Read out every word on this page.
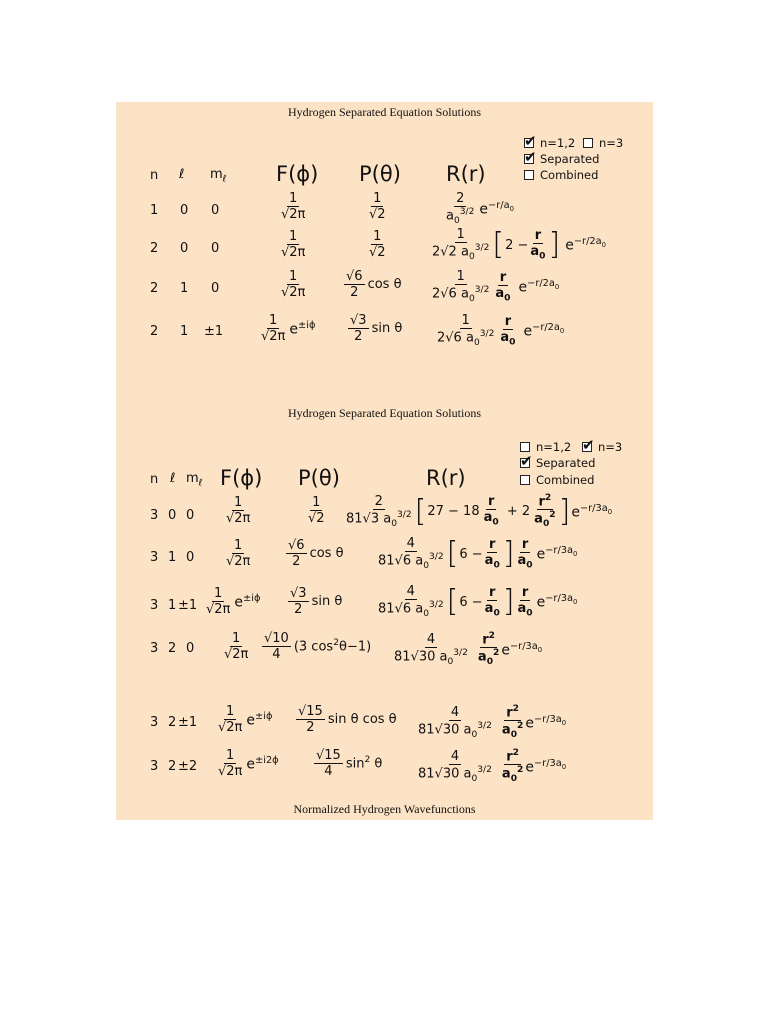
Hydrogen Separated Equation Solutions
✔
n=1,2 n=3
✔
Separated
Combined
n ℓ $m_\ell$ F(ϕ) P(θ) R(r)
1 0 0	$\frac{1}{√2\pi}$	$\frac{1}{√2}$	$\frac{2}{a_0^{3/2}} e^{-r/a_0}$
2 0 0	$\frac{1}{√2\pi}$	$\frac{1}{√2}$	$\frac{1}{2√2 a_0^{3/2}}$ [ $2 - \frac{r}{a_0}$ ] $e^{-r/2a_0}$
2 1 0	$\frac{1}{√2\pi}$	$\frac{√6}{2}$ cos θ $\frac{1}{2√6 a_0^{3/2}} \frac{r}{a_0} e^{-r/2a_0}$
2 1 ±1	$\frac{1}{√2\pi} e^{\pm i\phi}$	$\frac{√3}{2}$ sin θ	$\frac{1}{2√6 a_0^{3/2}} \frac{r}{a_0} e^{-r/2a_0}$
Hydrogen Separated Equation Solutions
n=1,2
✔ n=3
✔
Separated
Combined
n ℓ $m_\ell$ F(ϕ) P(θ)	R(r)
3 0 $0 \frac{1}{√2\pi}$	$\frac{1}{√2} \frac{2}{81√3 a_0^{3/2}}$ [ $27 - 18 \frac{r}{a_0} + 2 \frac{r^2}{a_0^2}$ ] $e^{-r/3a_0}$
3 1 $0 \frac{1}{√2\pi}$	$\frac{√6}{2}$ cos θ $\frac{4}{81√6 a_0^{3/2}}$ [ $6 - \frac{r}{a_0}$ ] $\frac{r}{a_0} e^{-r/3a_0}$
3 $1 \pm 1 \frac{1}{√2\pi} e^{\pm i\phi} \frac{√3}{2}$ sin θ	$\frac{4}{81√6 a_0^{3/2}}$ [ $6 - \frac{r}{a_0}$ ] $\frac{r}{a_0} e^{-r/3a_0}$
3 2 $0 \frac{1}{√2\pi} \frac{√10}{4} (3$ $\cos^2\theta-1) \frac{4}{81√30 a_0^{3/2}} \frac{r^2}{a_0^2} e^{-r/3a_0}$
3 $2 \pm 1 \frac{1}{√2\pi} e^{\pm i\phi} \frac{√15}{2}$ sin θ cos θ $\frac{4}{81√30 a_0^{3/2}} \frac{r^2}{a_0^2} e^{-r/3a_0}$
3 $2 \pm 2 \frac{1}{√2\pi} e^{\pm i2\phi}$	$\frac{√15}{4} \sin^2 \theta$	$\frac{4}{81√30 a_0^{3/2}} \frac{r^2}{a_0^2} e^{-r/3a_0}$
Normalized Hydrogen Wavefunctions
